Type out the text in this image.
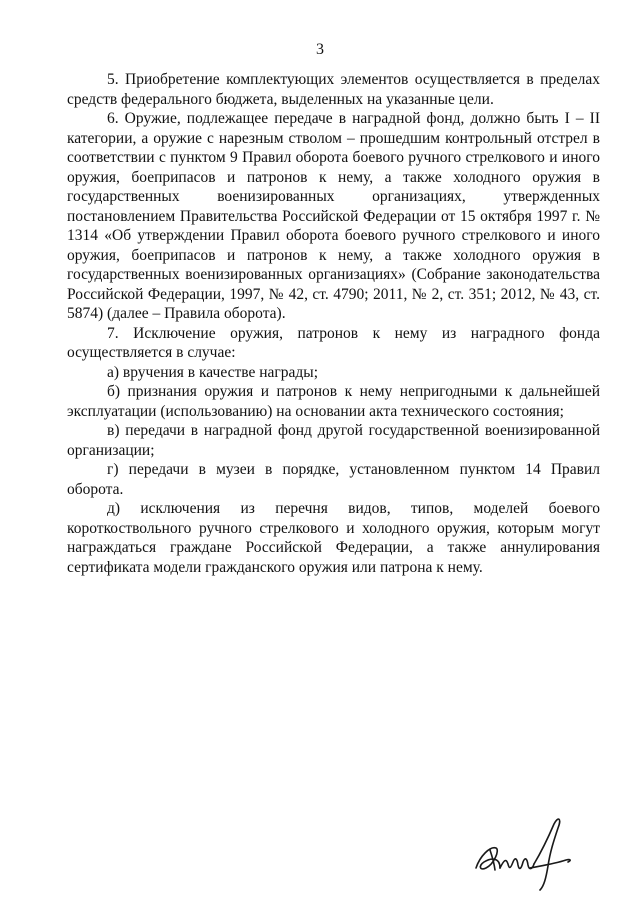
3

5. Приобретение комплектующих элементов осуществляется в пределах средств федерального бюджета, выделенных на указанные цели.

6. Оружие, подлежащее передаче в наградной фонд, должно быть I – II категории, а оружие с нарезным стволом – прошедшим контрольный отстрел в соответствии с пунктом 9 Правил оборота боевого ручного стрелкового и иного оружия, боеприпасов и патронов к нему, а также холодного оружия в государственных военизированных организациях, утвержденных постановлением Правительства Российской Федерации от 15 октября 1997 г. № 1314 «Об утверждении Правил оборота боевого ручного стрелкового и иного оружия, боеприпасов и патронов к нему, а также холодного оружия в государственных военизированных организациях» (Собрание законодательства Российской Федерации, 1997, № 42, ст. 4790; 2011, № 2, ст. 351; 2012, № 43, ст. 5874) (далее – Правила оборота).

7. Исключение оружия, патронов к нему из наградного фонда осуществляется в случае:

а) вручения в качестве награды;

б) признания оружия и патронов к нему непригодными к дальнейшей эксплуатации (использованию) на основании акта технического состояния;

в) передачи в наградной фонд другой государственной военизированной организации;

г) передачи в музеи в порядке, установленном пунктом 14 Правил оборота.

д) исключения из перечня видов, типов, моделей боевого короткоствольного ручного стрелкового и холодного оружия, которым могут награждаться граждане Российской Федерации, а также аннулирования сертификата модели гражданского оружия или патрона к нему.
